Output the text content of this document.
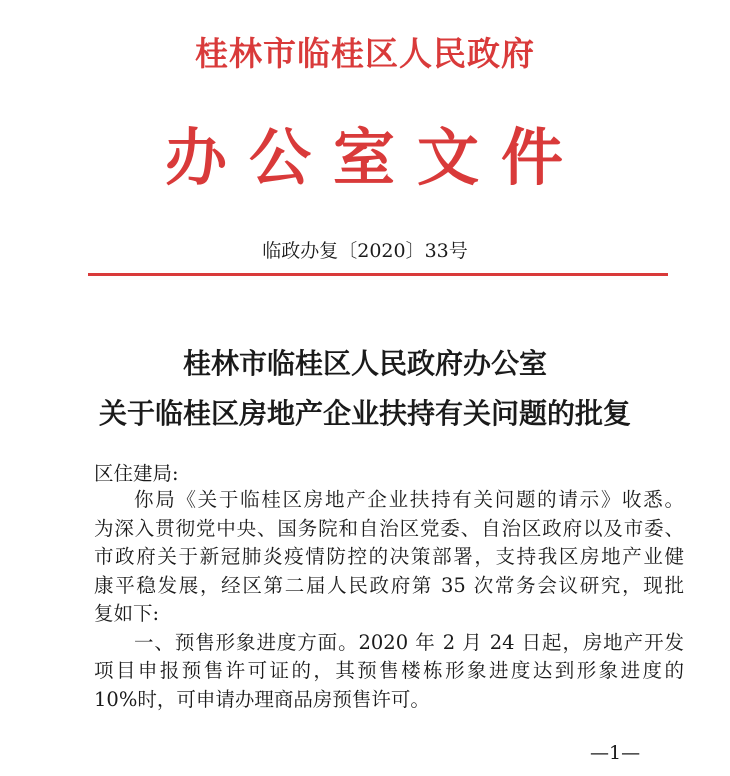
桂林市临桂区人民政府
办公室文件
临政办复〔2020〕33号
桂林市临桂区人民政府办公室
关于临桂区房地产企业扶持有关问题的批复
区住建局:

你局《关于临桂区房地产企业扶持有关问题的请示》收悉。

为深入贯彻党中央、国务院和自治区党委、自治区政府以及市委、

市政府关于新冠肺炎疫情防控的决策部署，支持我区房地产业健

康平稳发展，经区第二届人民政府第 35 次常务会议研究，现批

复如下:

一、预售形象进度方面。2020 年 2 月 24 日起，房地产开发

项目申报预售许可证的，其预售楼栋形象进度达到形象进度的

10%时，可申请办理商品房预售许可。

—1—
